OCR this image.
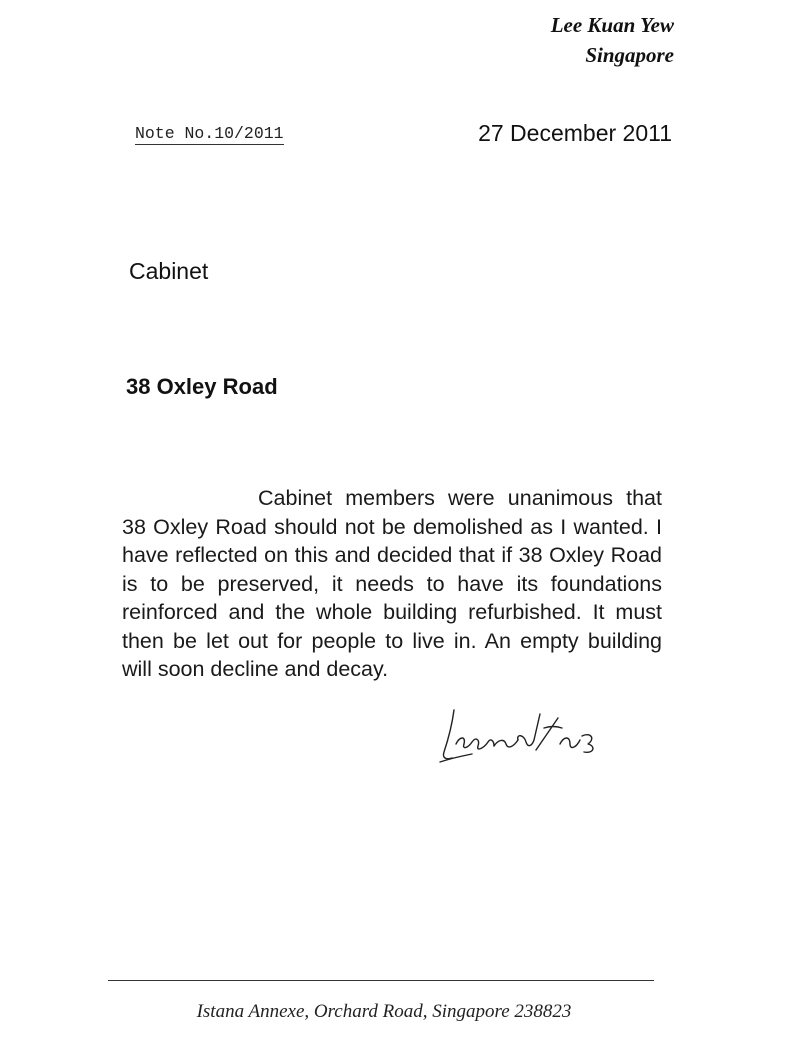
Lee Kuan Yew
Singapore
Note No.10/2011	27 December 2011
Cabinet
38 Oxley Road

Cabinet members were unanimous that 38 Oxley Road should not be demolished as I wanted. I have reflected on this and decided that if 38 Oxley Road is to be preserved, it needs to have its foundations reinforced and the whole building refurbished. It must then be let out for people to live in. An empty building will soon decline and decay.

Istana Annexe, Orchard Road, Singapore 238823
